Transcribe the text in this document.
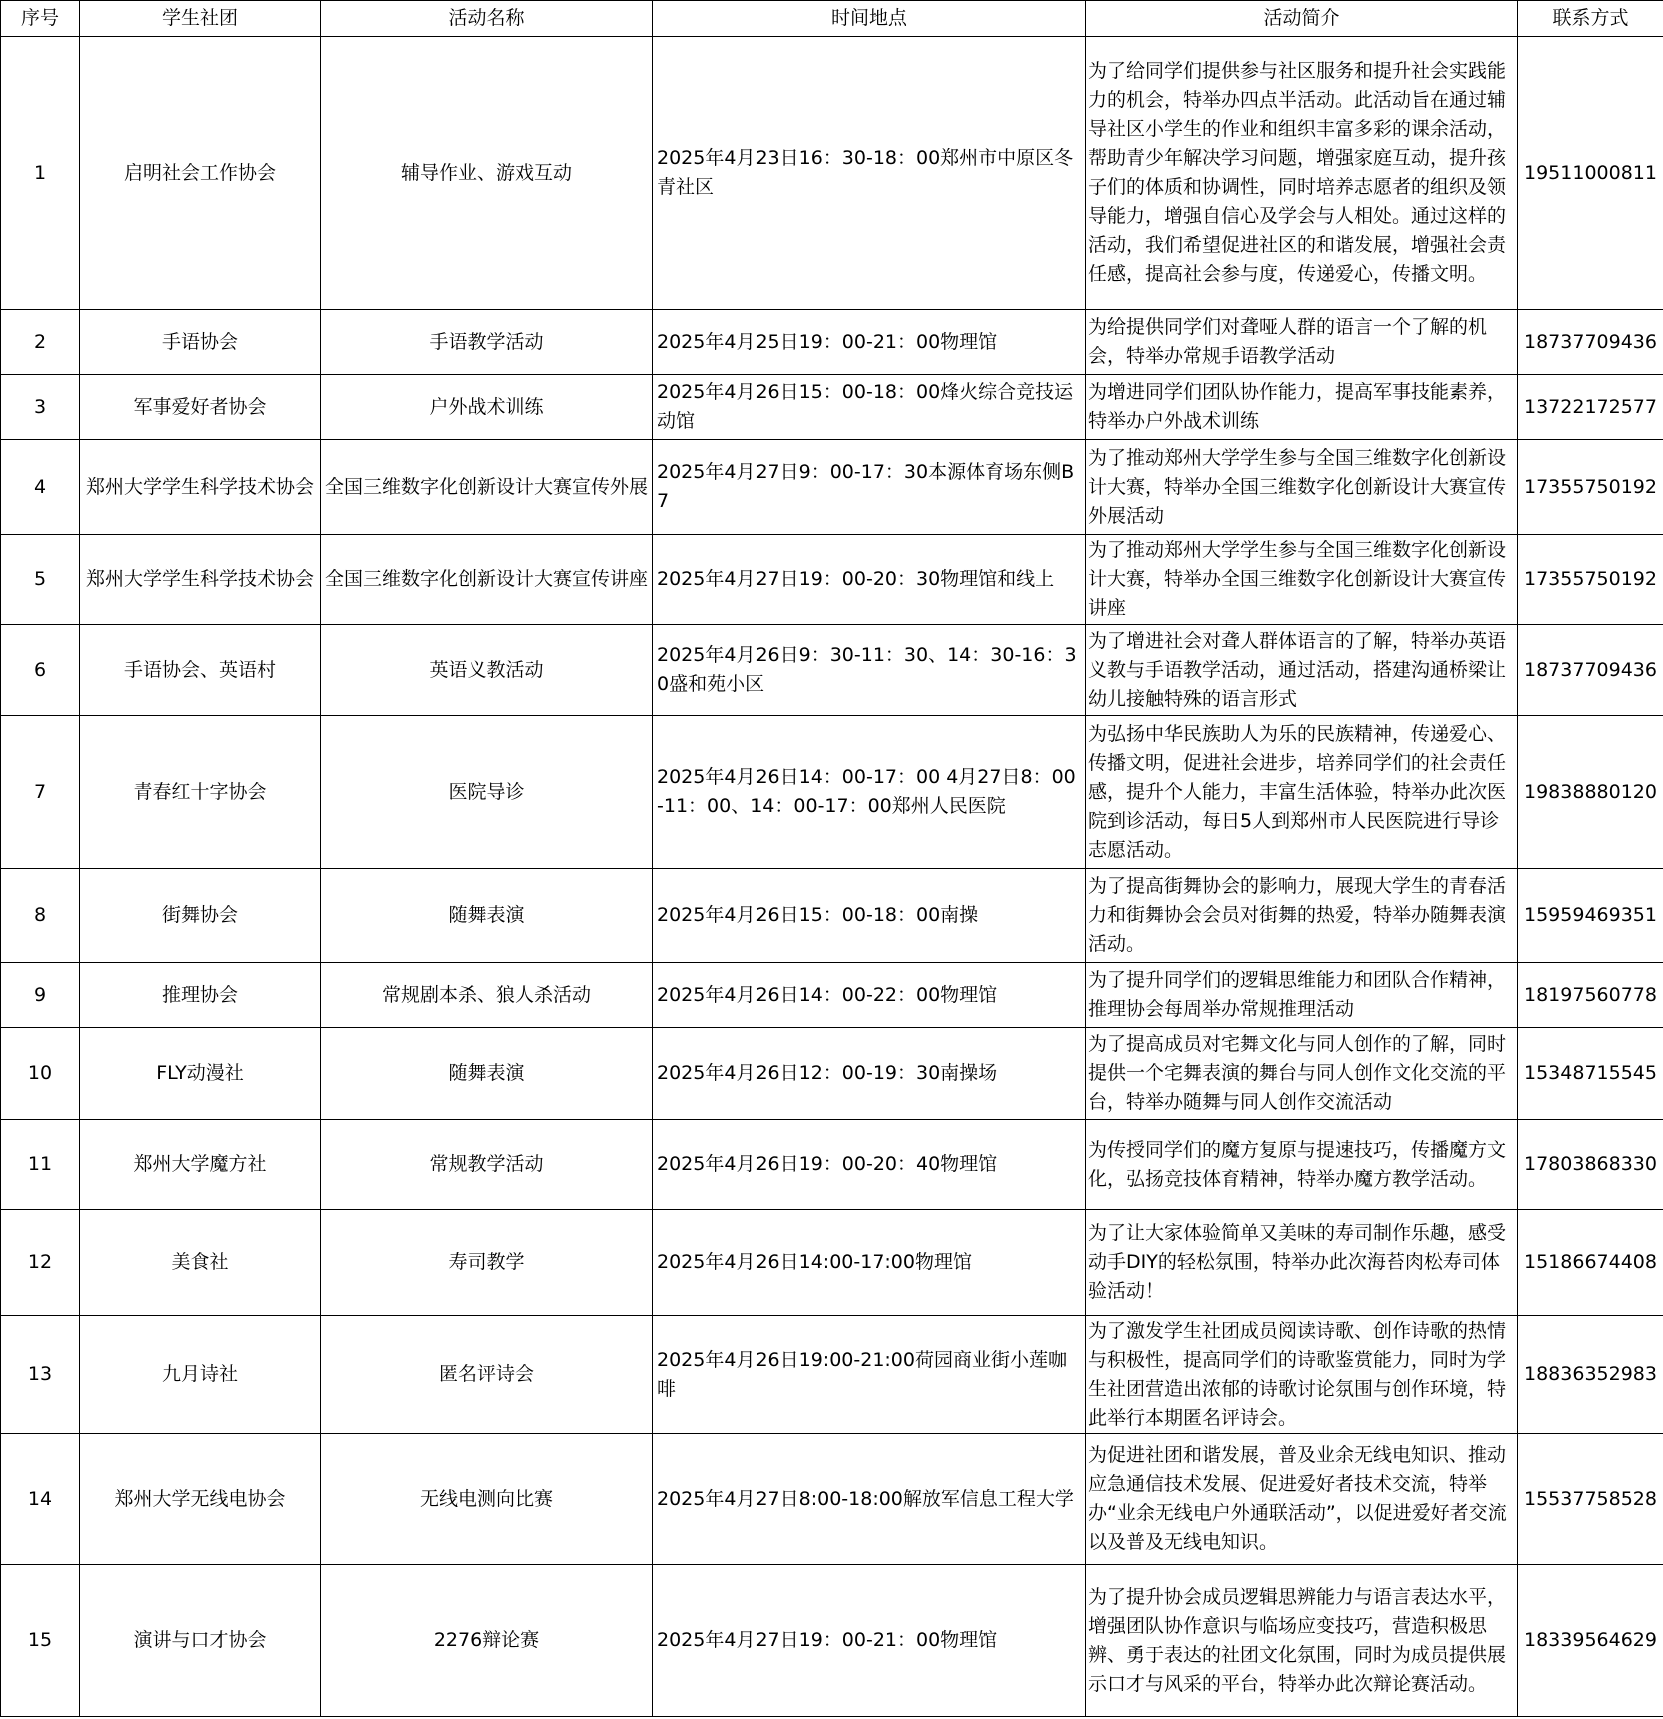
序号	学生社团	活动名称	时间地点	活动简介	联系方式
1	启明社会工作协会	辅导作业、游戏互动	2025年4月23日16：30-18：00郑州市中原区冬青社区	为了给同学们提供参与社区服务和提升社会实践能力的机会，特举办四点半活动。此活动旨在通过辅导社区小学生的作业和组织丰富多彩的课余活动，帮助青少年解决学习问题，增强家庭互动，提升孩子们的体质和协调性，同时培养志愿者的组织及领导能力，增强自信心及学会与人相处。通过这样的活动，我们希望促进社区的和谐发展，增强社会责任感，提高社会参与度，传递爱心，传播文明。	19511000811
2	手语协会	手语教学活动	2025年4月25日19：00-21：00物理馆	为给提供同学们对聋哑人群的语言一个了解的机会，特举办常规手语教学活动	18737709436
3	军事爱好者协会	户外战术训练	2025年4月26日15：00-18：00烽火综合竞技运动馆	为增进同学们团队协作能力，提高军事技能素养，特举办户外战术训练	13722172577
4	郑州大学学生科学技术协会	全国三维数字化创新设计大赛宣传外展	2025年4月27日9：00-17：30本源体育场东侧B7	为了推动郑州大学学生参与全国三维数字化创新设计大赛，特举办全国三维数字化创新设计大赛宣传外展活动	17355750192
5	郑州大学学生科学技术协会	全国三维数字化创新设计大赛宣传讲座	2025年4月27日19：00-20：30物理馆和线上	为了推动郑州大学学生参与全国三维数字化创新设计大赛，特举办全国三维数字化创新设计大赛宣传讲座	17355750192
6	手语协会、英语村	英语义教活动	2025年4月26日9：30-11：30、14：30-16：30盛和苑小区	为了增进社会对聋人群体语言的了解，特举办英语义教与手语教学活动，通过活动，搭建沟通桥梁让幼儿接触特殊的语言形式	18737709436
7	青春红十字协会	医院导诊	2025年4月26日14：00-17：00 4月27日8：00-11：00、14：00-17：00郑州人民医院	为弘扬中华民族助人为乐的民族精神，传递爱心、传播文明，促进社会进步，培养同学们的社会责任感，提升个人能力，丰富生活体验，特举办此次医院到诊活动，每日5人到郑州市人民医院进行导诊志愿活动。	19838880120
8	街舞协会	随舞表演	2025年4月26日15：00-18：00南操	为了提高街舞协会的影响力，展现大学生的青春活力和街舞协会会员对街舞的热爱，特举办随舞表演活动。	15959469351
9	推理协会	常规剧本杀、狼人杀活动	2025年4月26日14：00-22：00物理馆	为了提升同学们的逻辑思维能力和团队合作精神，推理协会每周举办常规推理活动	18197560778
10	FLY动漫社	随舞表演	2025年4月26日12：00-19：30南操场	为了提高成员对宅舞文化与同人创作的了解，同时提供一个宅舞表演的舞台与同人创作文化交流的平台，特举办随舞与同人创作交流活动	15348715545
11	郑州大学魔方社	常规教学活动	2025年4月26日19：00-20：40物理馆	为传授同学们的魔方复原与提速技巧，传播魔方文化，弘扬竞技体育精神，特举办魔方教学活动。	17803868330
12	美食社	寿司教学	2025年4月26日14:00-17:00物理馆	为了让大家体验简单又美味的寿司制作乐趣，感受动手DIY的轻松氛围，特举办此次海苔肉松寿司体验活动！	15186674408
13	九月诗社	匿名评诗会	2025年4月26日19:00-21:00荷园商业街小莲咖啡	为了激发学生社团成员阅读诗歌、创作诗歌的热情与积极性，提高同学们的诗歌鉴赏能力，同时为学生社团营造出浓郁的诗歌讨论氛围与创作环境，特此举行本期匿名评诗会。	18836352983
14	郑州大学无线电协会	无线电测向比赛	2025年4月27日8:00-18:00解放军信息工程大学	为促进社团和谐发展，普及业余无线电知识、推动应急通信技术发展、促进爱好者技术交流，特举办“业余无线电户外通联活动”，以促进爱好者交流以及普及无线电知识。	15537758528
15	演讲与口才协会	2276辩论赛	2025年4月27日19：00-21：00物理馆	为了提升协会成员逻辑思辨能力与语言表达水平，增强团队协作意识与临场应变技巧，营造积极思辨、勇于表达的社团文化氛围，同时为成员提供展示口才与风采的平台，特举办此次辩论赛活动。	18339564629
